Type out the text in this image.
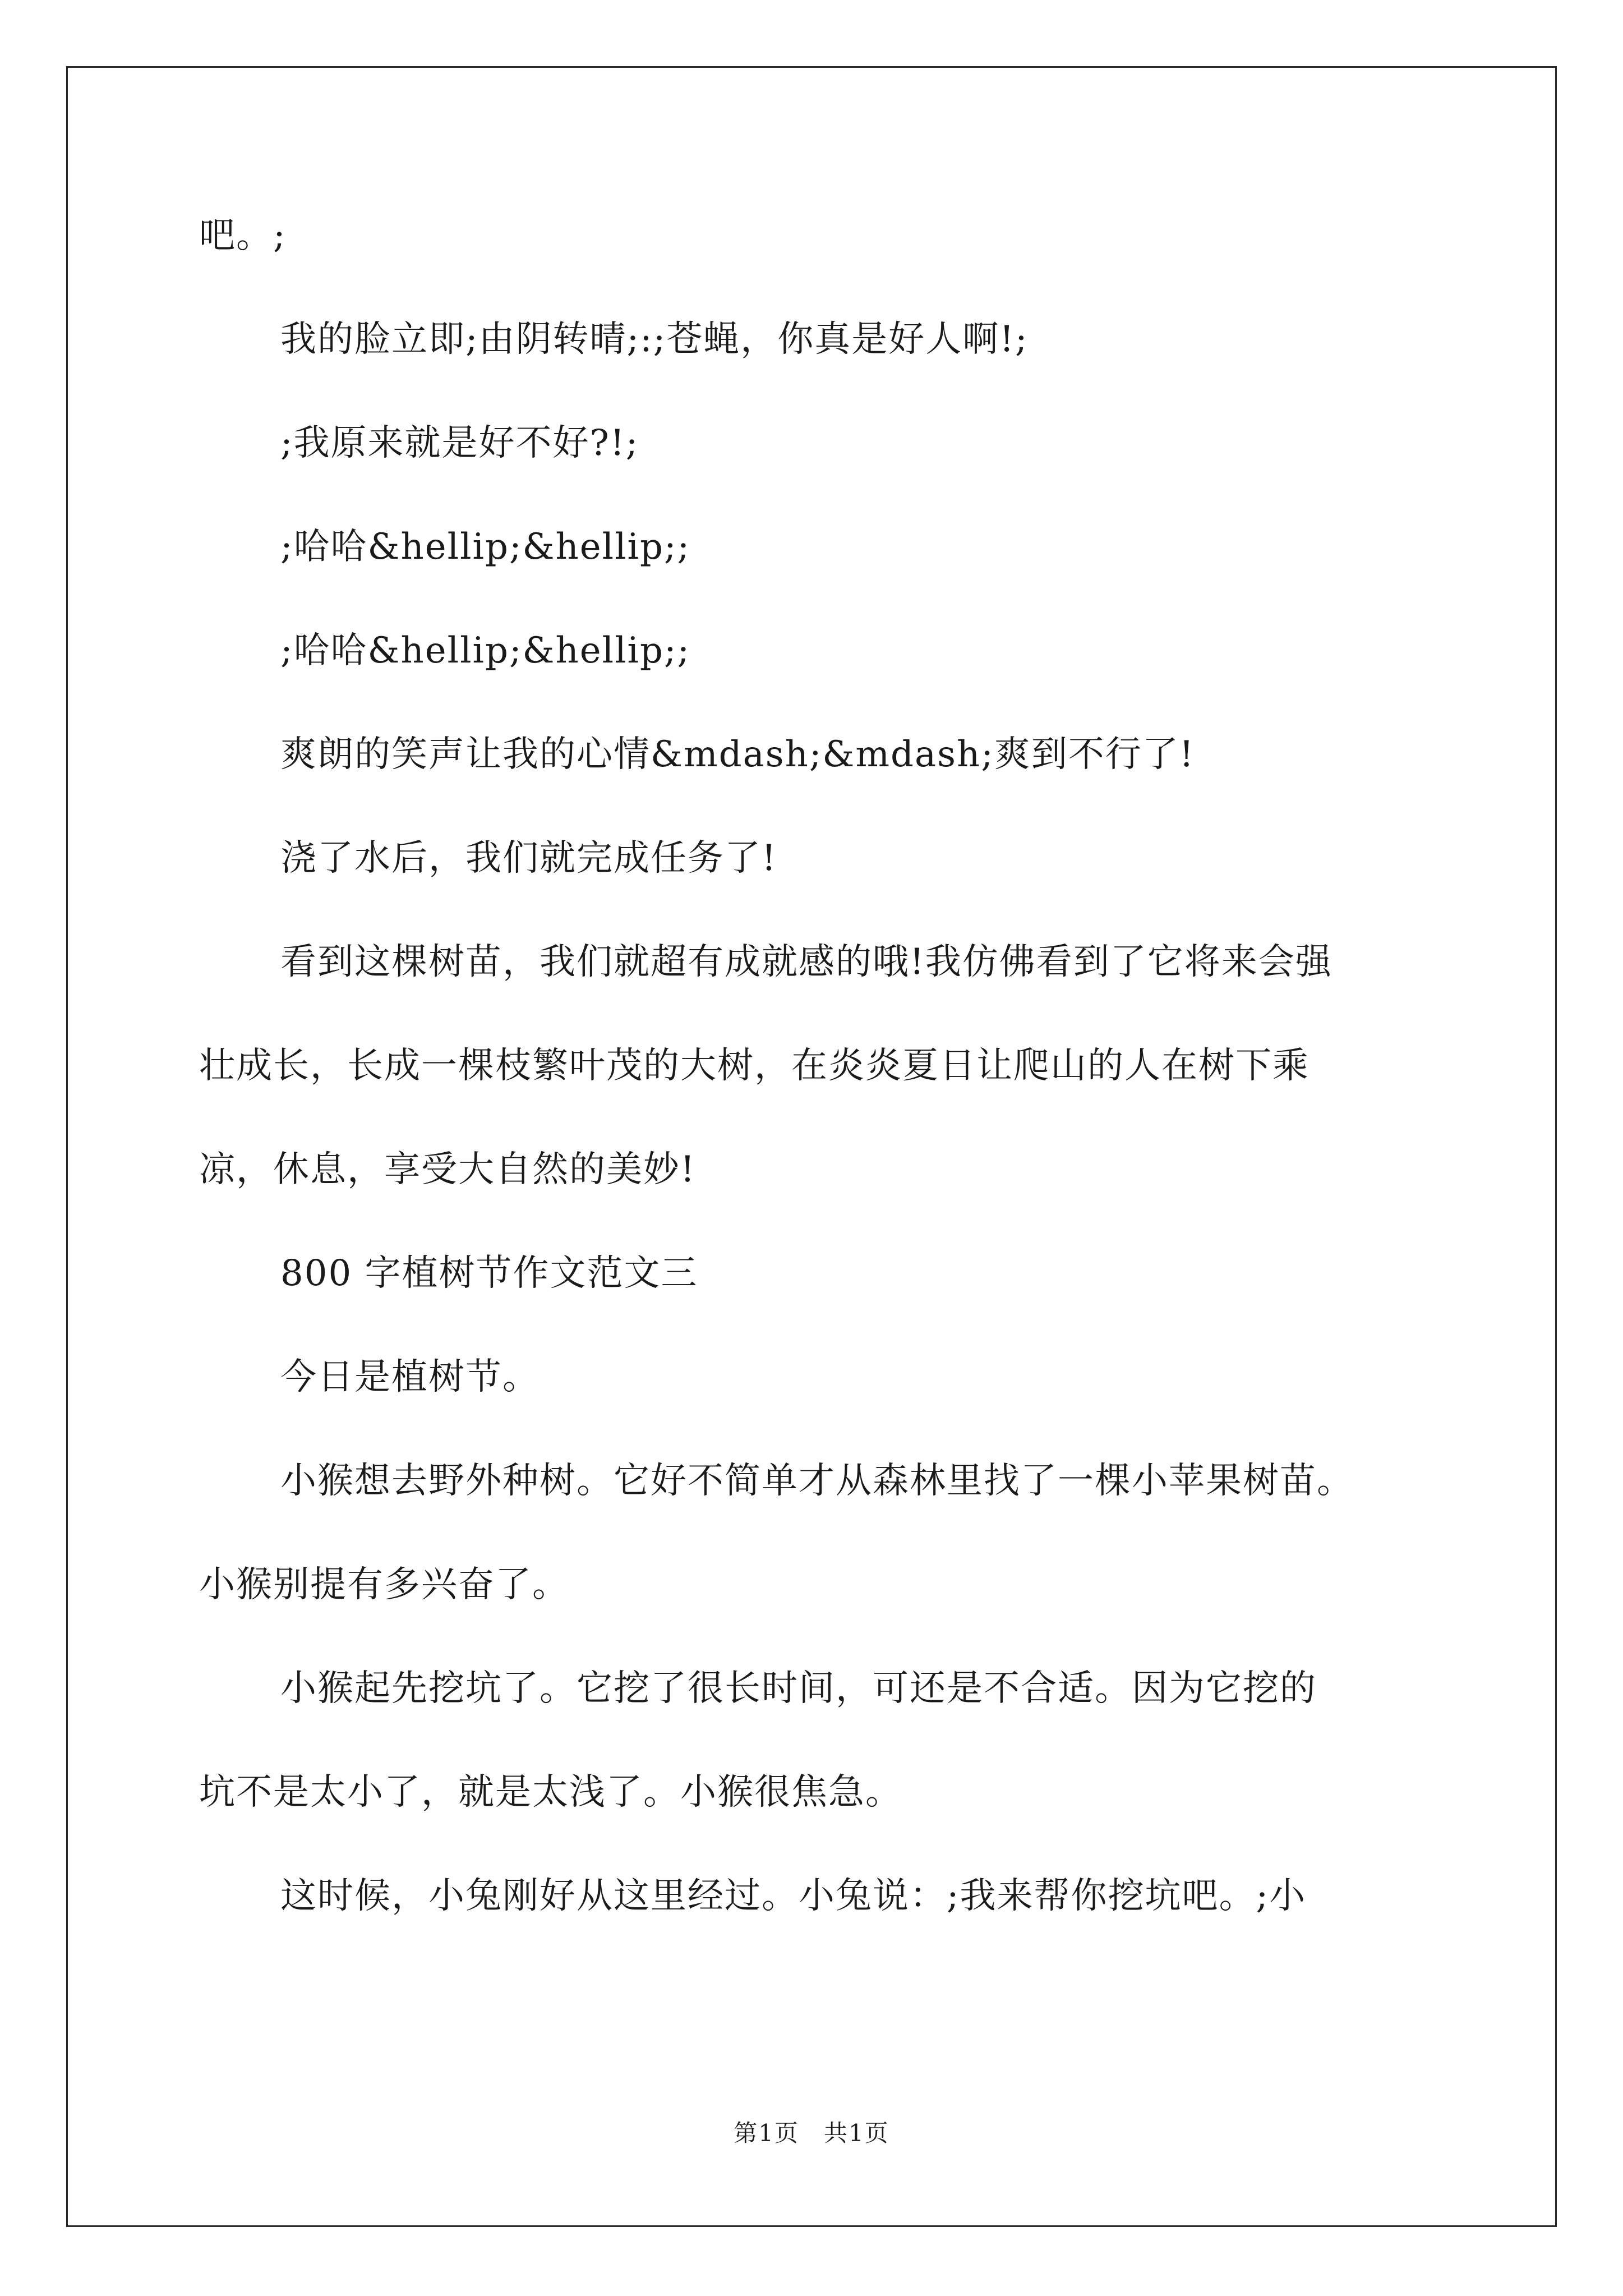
吧。;
我的脸立即;由阴转晴;:;苍蝇，你真是好人啊!;
;我原来就是好不好?!;
;哈哈&hellip;&hellip;;
;哈哈&hellip;&hellip;;
爽朗的笑声让我的心情&mdash;&mdash;爽到不行了!
浇了水后，我们就完成任务了!
看到这棵树苗，我们就超有成就感的哦!我仿佛看到了它将来会强
壮成长，长成一棵枝繁叶茂的大树，在炎炎夏日让爬山的人在树下乘
凉，休息，享受大自然的美妙!
800 字植树节作文范文三
今日是植树节。
小猴想去野外种树。它好不简单才从森林里找了一棵小苹果树苗。
小猴别提有多兴奋了。
小猴起先挖坑了。它挖了很长时间，可还是不合适。因为它挖的
坑不是太小了，就是太浅了。小猴很焦急。
这时候，小兔刚好从这里经过。小兔说：;我来帮你挖坑吧。;小
第1页　共1页
